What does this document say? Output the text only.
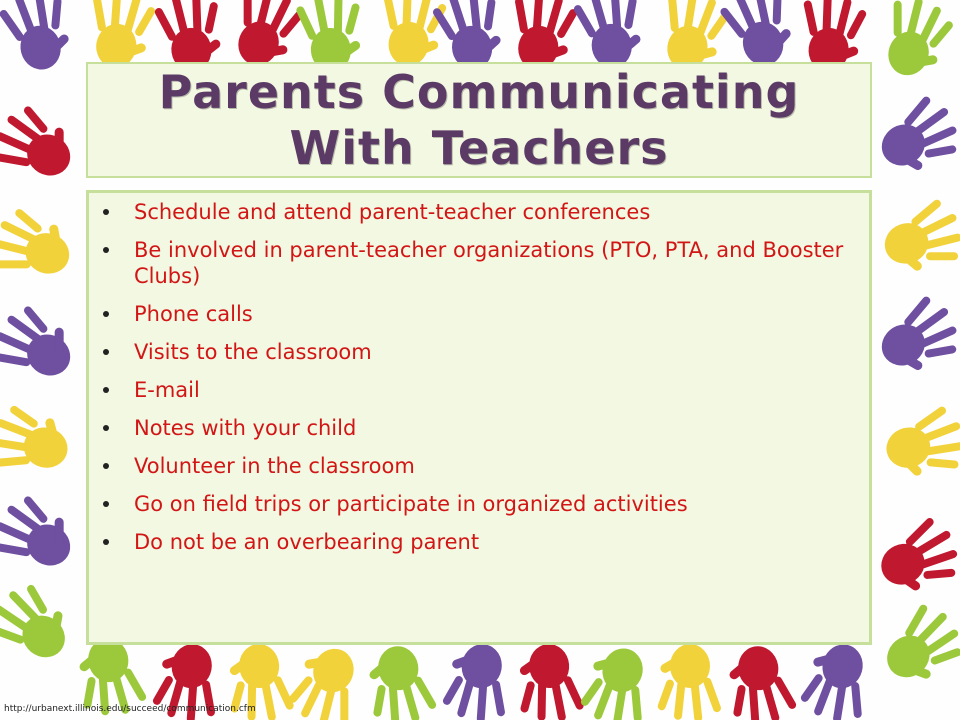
Parents Communicating With Teachers
Schedule and attend parent-teacher conferences
Be involved in parent-teacher organizations (PTO, PTA, and Booster Clubs)
Phone calls
Visits to the classroom
E-mail
Notes with your child
Volunteer in the classroom
Go on field trips or participate in organized activities
Do not be an overbearing parent
http://urbanext.illinois.edu/succeed/communication.cfm
